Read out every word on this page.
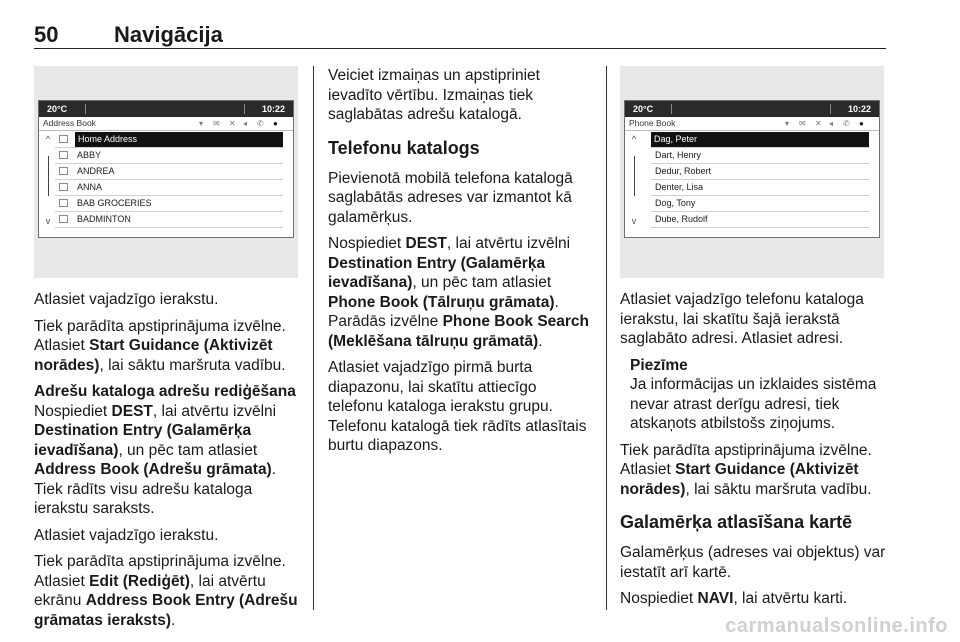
50	Navigācija
20°C	10:22
Address Book	▾ ✉ ✕ ◂ ✆ ●
^
v
Home Address
ABBY
ANDREA
ANNA
BAB GROCERIES
BADMINTON
20°C	10:22
Phone Book	▾ ✉ ✕ ◂ ✆ ●
^
v
Dag, Peter
Dart, Henry
Dedur, Robert
Denter, Lisa
Dog, Tony
Dube, Rudolf

Atlasiet vajadzīgo ierakstu.

Tiek parādīta apstiprinājuma izvēlne. Atlasiet Start Guidance (Aktivizēt norādes), lai sāktu maršruta vadību.

Adrešu kataloga adrešu rediģēšana

Nospiediet DEST, lai atvērtu izvēlni Destination Entry (Galamērķa ievadīšana), un pēc tam atlasiet Address Book (Adrešu grāmata). Tiek rādīts visu adrešu kataloga ierakstu saraksts.

Atlasiet vajadzīgo ierakstu.

Tiek parādīta apstiprinājuma izvēlne. Atlasiet Edit (Rediģēt), lai atvērtu ekrānu Address Book Entry (Adrešu grāmatas ieraksts).

Veiciet izmaiņas un apstipriniet ievadīto vērtību. Izmaiņas tiek saglabātas adrešu katalogā.

Telefonu katalogs

Pievienotā mobilā telefona katalogā saglabātās adreses var izmantot kā galamērķus.

Nospiediet DEST, lai atvērtu izvēlni Destination Entry (Galamērķa ievadīšana), un pēc tam atlasiet Phone Book (Tālruņu grāmata). Parādās izvēlne Phone Book Search (Meklēšana tālruņu grāmatā).

Atlasiet vajadzīgo pirmā burta diapazonu, lai skatītu attiecīgo telefonu kataloga ierakstu grupu. Telefonu katalogā tiek rādīts atlasītais burtu diapazons.

Atlasiet vajadzīgo telefonu kataloga ierakstu, lai skatītu šajā ierakstā saglabāto adresi. Atlasiet adresi.

Piezīme

Ja informācijas un izklaides sistēma nevar atrast derīgu adresi, tiek atskaņots atbilstošs ziņojums.

Tiek parādīta apstiprinājuma izvēlne. Atlasiet Start Guidance (Aktivizēt norādes), lai sāktu maršruta vadību.

Galamērķa atlasīšana kartē

Galamērķus (adreses vai objektus) var iestatīt arī kartē.

Nospiediet NAVI, lai atvērtu karti.

carmanualsonline.info
